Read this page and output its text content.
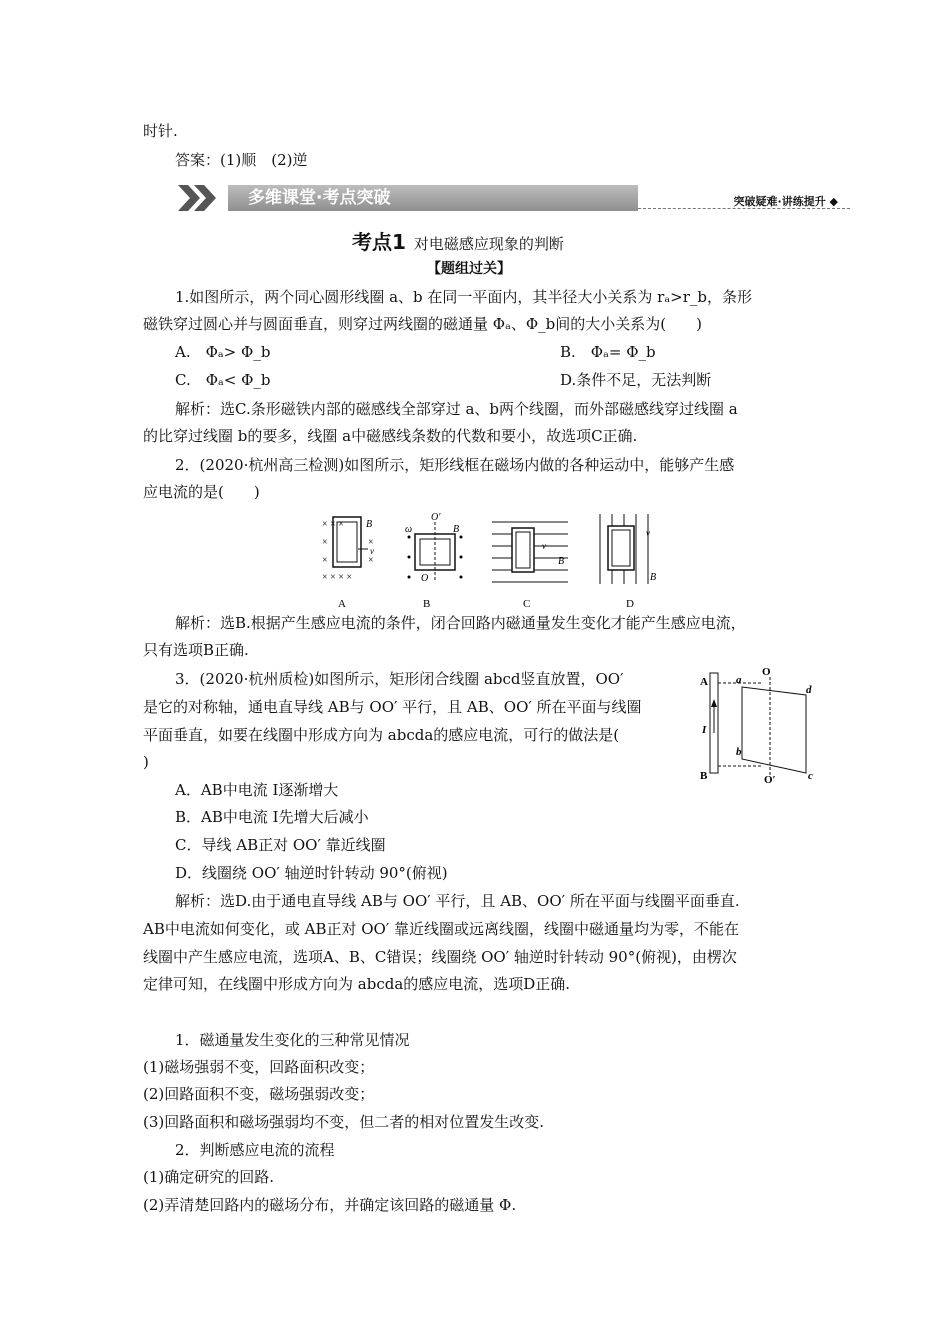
时针.
答案：(1)顺　(2)逆
多维课堂·考点突破	突破疑难·讲练提升 ◆
考点1 对电磁感应现象的判断
【题组过关】
1.如图所示，两个同心圆形线圈 a、b 在同一平面内，其半径大小关系为 rₐ>r_b，条形
磁铁穿过圆心并与圆面垂直，则穿过两线圈的磁通量 Φₐ、Φ_b间的大小关系为(　　)
A.　Φₐ> Φ_b	B.　Φₐ= Φ_b
C.　Φₐ< Φ_b	D.条件不足，无法判断
解析：选C.条形磁铁内部的磁感线全部穿过 a、b两个线圈，而外部磁感线穿过线圈 a
的比穿过线圈 b的要多，线圈 a中磁感线条数的代数和要小，故选项C正确.
2．(2020·杭州高三检测)如图所示，矩形线框在磁场内做的各种运动中，能够产生感
应电流的是(　　)
× × × B
×	×
×	×
× × × ×
v
O′
ω	B
O
v
B
v
B
A	B	C	D
解析：选B.根据产生感应电流的条件，闭合回路内磁通量发生变化才能产生感应电流，
只有选项B正确.
3．(2020·杭州质检)如图所示，矩形闭合线圈 abcd竖直放置，OO′
是它的对称轴，通电直导线 AB与 OO′ 平行，且 AB、OO′ 所在平面与线圈
平面垂直，如要在线圈中形成方向为 abcda的感应电流，可行的做法是(
)
A
B
I
a
b
c
d
O
O′
A．AB中电流 I逐渐增大
B．AB中电流 I先增大后减小
C．导线 AB正对 OO′ 靠近线圈
D．线圈绕 OO′ 轴逆时针转动 90°(俯视)
解析：选D.由于通电直导线 AB与 OO′ 平行，且 AB、OO′ 所在平面与线圈平面垂直.
AB中电流如何变化，或 AB正对 OO′ 靠近线圈或远离线圈，线圈中磁通量均为零，不能在
线圈中产生感应电流，选项A、B、C错误；线圈绕 OO′ 轴逆时针转动 90°(俯视)，由楞次
定律可知，在线圈中形成方向为 abcda的感应电流，选项D正确.
1．磁通量发生变化的三种常见情况
(1)磁场强弱不变，回路面积改变；
(2)回路面积不变，磁场强弱改变；
(3)回路面积和磁场强弱均不变，但二者的相对位置发生改变.
2．判断感应电流的流程
(1)确定研究的回路.
(2)弄清楚回路内的磁场分布，并确定该回路的磁通量 Φ.
